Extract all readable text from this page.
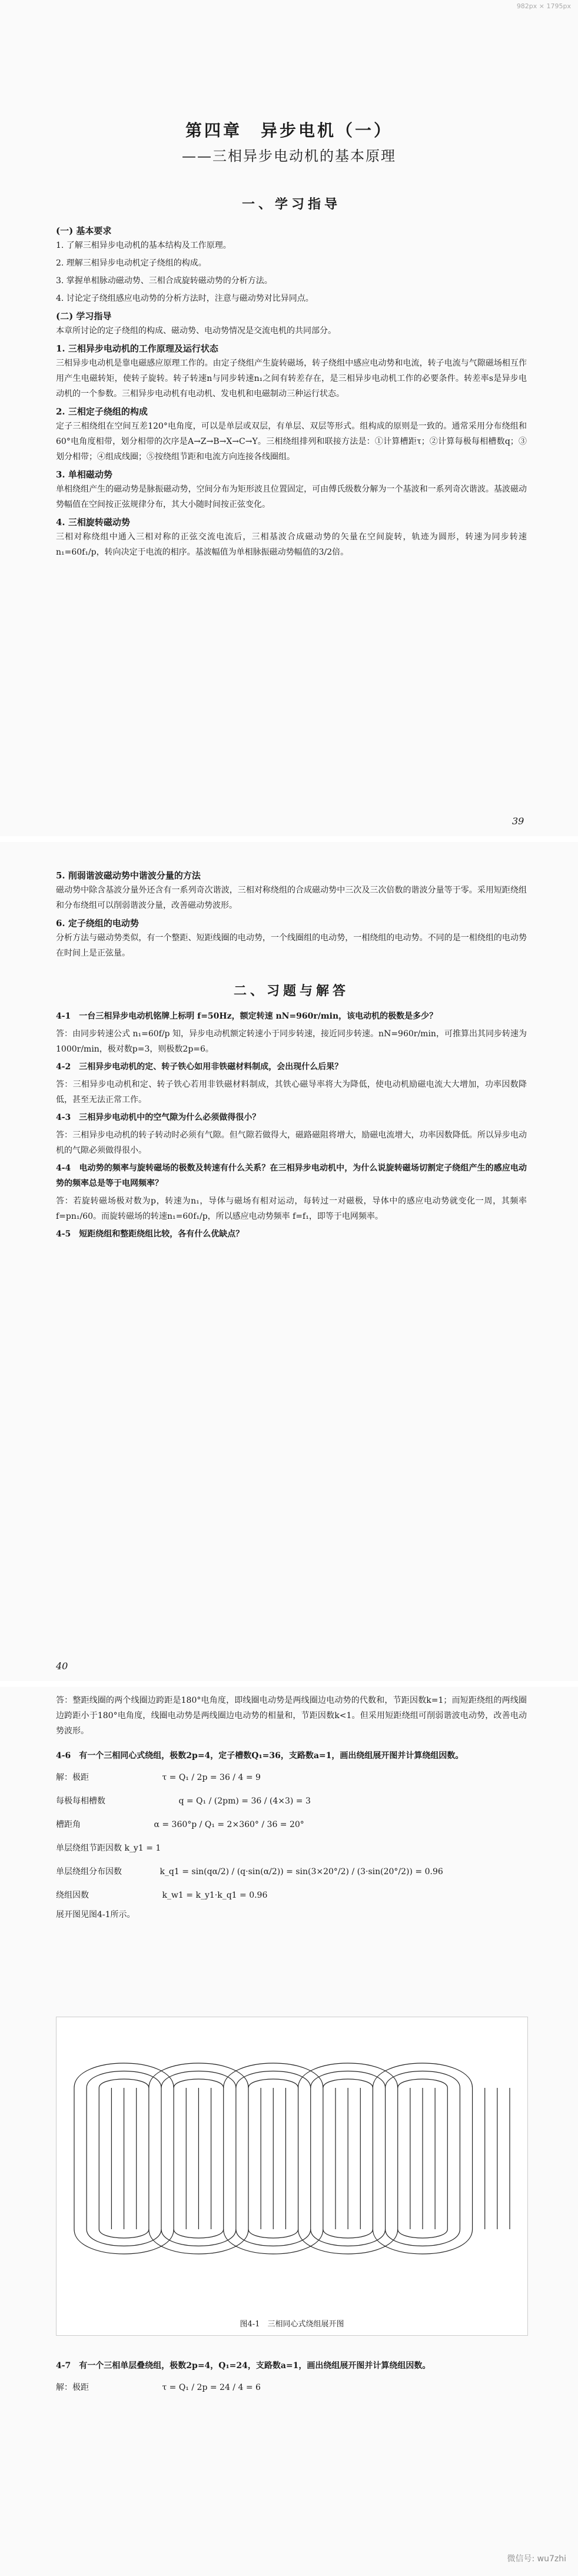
982px × 1795px
第四章　异步电机（一）
——三相异步电动机的基本原理
一、学习指导
(一) 基本要求

1. 了解三相异步电动机的基本结构及工作原理。

2. 理解三相异步电动机定子绕组的构成。

3. 掌握单相脉动磁动势、三相合成旋转磁动势的分析方法。

4. 讨论定子绕组感应电动势的分析方法时，注意与磁动势对比异同点。

(二) 学习指导

本章所讨论的定子绕组的构成、磁动势、电动势情况是交流电机的共同部分。

1. 三相异步电动机的工作原理及运行状态

三相异步电动机是靠电磁感应原理工作的。由定子绕组产生旋转磁场，转子绕组中感应电动势和电流，转子电流与气隙磁场相互作用产生电磁转矩，使转子旋转。转子转速n与同步转速n₁之间有转差存在，是三相异步电动机工作的必要条件。转差率s是异步电动机的一个参数。三相异步电动机有电动机、发电机和电磁制动三种运行状态。

2. 三相定子绕组的构成

定子三相绕组在空间互差120°电角度，可以是单层或双层，有单层、双层等形式。组构成的原则是一致的。通常采用分布绕组和60°电角度相带，划分相带的次序是A→Z→B→X→C→Y。三相绕组排列和联接方法是：①计算槽距τ；②计算每极每相槽数q；③划分相带；④组成线圈；⑤按绕组节距和电流方向连接各线圈组。

3. 单相磁动势

单相绕组产生的磁动势是脉振磁动势，空间分布为矩形波且位置固定，可由傅氏级数分解为一个基波和一系列奇次谐波。基波磁动势幅值在空间按正弦规律分布，其大小随时间按正弦变化。

4. 三相旋转磁动势

三相对称绕组中通入三相对称的正弦交流电流后，三相基波合成磁动势的矢量在空间旋转，轨迹为圆形，转速为同步转速n₁=60f₁/p，转向决定于电流的相序。基波幅值为单相脉振磁动势幅值的3/2倍。

39
5. 削弱谐波磁动势中谐波分量的方法

磁动势中除含基波分量外还含有一系列奇次谐波，三相对称绕组的合成磁动势中三次及三次倍数的谐波分量等于零。采用短距绕组和分布绕组可以削弱谐波分量，改善磁动势波形。

6. 定子绕组的电动势

分析方法与磁动势类似，有一个整距、短距线圈的电动势，一个线圈组的电动势，一相绕组的电动势。不同的是一相绕组的电动势在时间上是正弦量。

二、习题与解答

4-1　一台三相异步电动机铭牌上标明 f=50Hz，额定转速 nN=960r/min，该电动机的极数是多少？

答：由同步转速公式 n₁=60f/p 知，异步电动机额定转速小于同步转速，接近同步转速。nN=960r/min，可推算出其同步转速为1000r/min，极对数p=3，则极数2p=6。

4-2　三相异步电动机的定、转子铁心如用非铁磁材料制成，会出现什么后果？

答：三相异步电动机和定、转子铁心若用非铁磁材料制成，其铁心磁导率将大为降低，使电动机励磁电流大大增加，功率因数降低，甚至无法正常工作。

4-3　三相异步电动机中的空气隙为什么必须做得很小？

答：三相异步电动机的转子转动时必须有气隙。但气隙若做得大，磁路磁阻将增大，励磁电流增大，功率因数降低。所以异步电动机的气隙必须做得很小。

4-4　电动势的频率与旋转磁场的极数及转速有什么关系？在三相异步电动机中，为什么说旋转磁场切割定子绕组产生的感应电动势的频率总是等于电网频率？

答：若旋转磁场极对数为p，转速为n₁，导体与磁场有相对运动，每转过一对磁极，导体中的感应电动势就变化一周，其频率 f=pn₁/60。而旋转磁场的转速n₁=60f₁/p，所以感应电动势频率 f=f₁，即等于电网频率。

4-5　短距绕组和整距绕组比较，各有什么优缺点？

40

答：整距线圈的两个线圈边跨距是180°电角度，即线圈电动势是两线圈边电动势的代数和，节距因数k=1；而短距绕组的两线圈边跨距小于180°电角度，线圈电动势是两线圈边电动势的相量和，节距因数k<1。但采用短距绕组可削弱谐波电动势，改善电动势波形。

4-6　有一个三相同心式绕组，极数2p=4，定子槽数Q₁=36，支路数a=1，画出绕组展开图并计算绕组因数。

解：极距	τ = Q₁ / 2p = 36 / 4 = 9
每极每相槽数	q = Q₁ / (2pm) = 36 / (4×3) = 3
槽距角	α = 360°p / Q₁ = 2×360° / 36 = 20°
单层绕组节距因数 k_y1 = 1
单层绕组分布因数	k_q1 = sin(qα/2) / (q·sin(α/2)) = sin(3×20°/2) / (3·sin(20°/2)) = 0.96
绕组因数	k_w1 = k_y1·k_q1 = 0.96

展开图见图4-1所示。

图4-1　三相同心式绕组展开图

4-7　有一个三相单层叠绕组，极数2p=4，Q₁=24，支路数a=1，画出绕组展开图并计算绕组因数。

解：极距	τ = Q₁ / 2p = 24 / 4 = 6
微信号: wu7zhi
